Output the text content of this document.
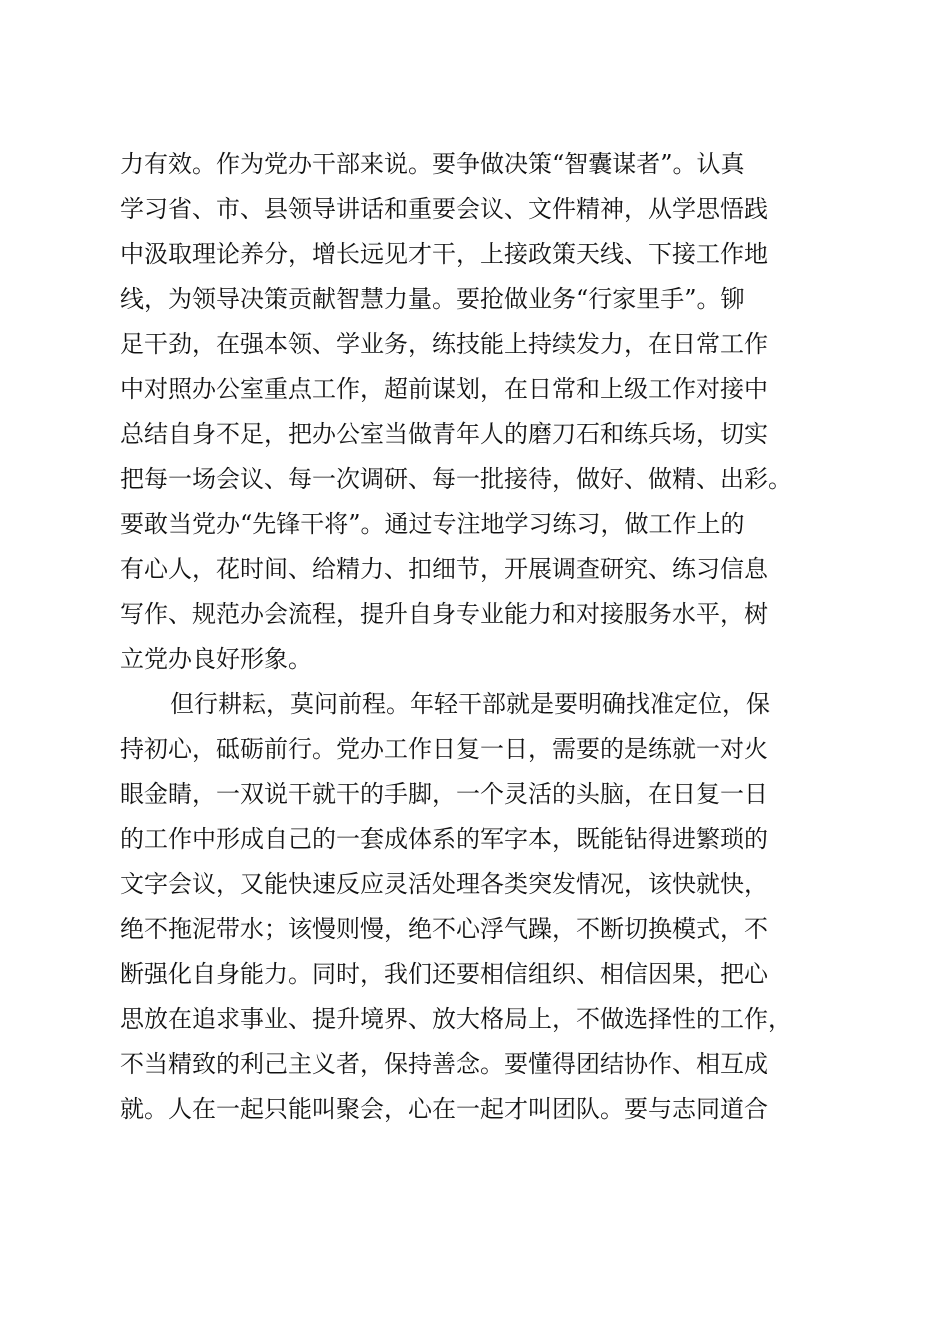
力有效。作为党办干部来说。要争做决策“智囊谋者”。认真
学习省、市、县领导讲话和重要会议、文件精神，从学思悟践
中汲取理论养分，增长远见才干，上接政策天线、下接工作地
线，为领导决策贡献智慧力量。要抢做业务“行家里手”。铆
足干劲，在强本领、学业务，练技能上持续发力，在日常工作
中对照办公室重点工作，超前谋划，在日常和上级工作对接中
总结自身不足，把办公室当做青年人的磨刀石和练兵场，切实
把每一场会议、每一次调研、每一批接待，做好、做精、出彩。
要敢当党办“先锋干将”。通过专注地学习练习，做工作上的
有心人，花时间、给精力、扣细节，开展调查研究、练习信息
写作、规范办会流程，提升自身专业能力和对接服务水平，树
立党办良好形象。
但行耕耘，莫问前程。年轻干部就是要明确找准定位，保
持初心，砥砺前行。党办工作日复一日，需要的是练就一对火
眼金睛，一双说干就干的手脚，一个灵活的头脑，在日复一日
的工作中形成自己的一套成体系的军字本，既能钻得进繁琐的
文字会议，又能快速反应灵活处理各类突发情况，该快就快，
绝不拖泥带水；该慢则慢，绝不心浮气躁，不断切换模式，不
断强化自身能力。同时，我们还要相信组织、相信因果，把心
思放在追求事业、提升境界、放大格局上，不做选择性的工作，
不当精致的利己主义者，保持善念。要懂得团结协作、相互成
就。人在一起只能叫聚会，心在一起才叫团队。要与志同道合
